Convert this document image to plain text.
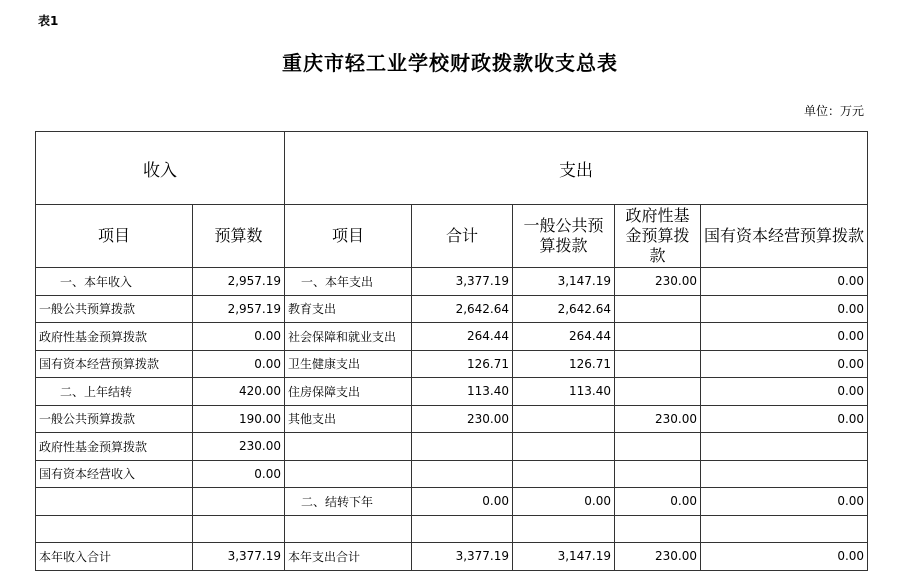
表1
重庆市轻工业学校财政拨款收支总表
单位：万元
收入		支出				
项目	预算数	项目	合计	一般公共预算拨款	政府性基金预算拨款	国有资本经营预算拨款
一、本年收入	2,957.19	一、本年支出	3,377.19	3,147.19	230.00	0.00
一般公共预算拨款	2,957.19	教育支出	2,642.64	2,642.64		0.00
政府性基金预算拨款	0.00	社会保障和就业支出	264.44	264.44		0.00
国有资本经营预算拨款	0.00	卫生健康支出	126.71	126.71		0.00
二、上年结转	420.00	住房保障支出	113.40	113.40		0.00
一般公共预算拨款	190.00	其他支出	230.00		230.00	0.00
政府性基金预算拨款	230.00					
国有资本经营收入	0.00					
		二、结转下年	0.00	0.00	0.00	0.00

本年收入合计	3,377.19	本年支出合计	3,377.19	3,147.19	230.00	0.00
